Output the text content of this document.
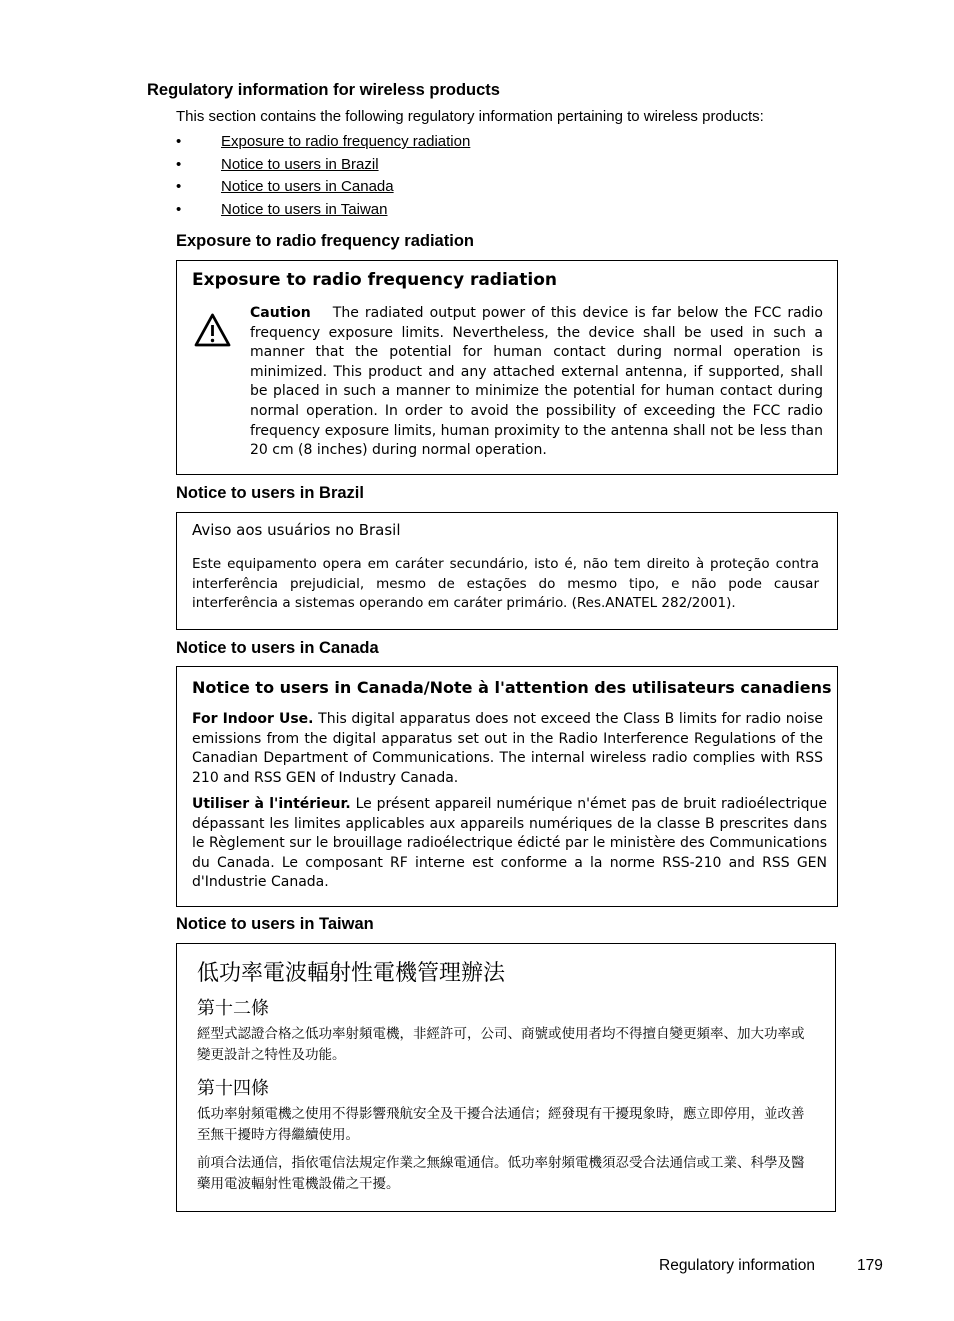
Regulatory information for wireless products
This section contains the following regulatory information pertaining to wireless products:
•	Exposure to radio frequency radiation
•	Notice to users in Brazil
•	Notice to users in Canada
•	Notice to users in Taiwan
Exposure to radio frequency radiation
Exposure to radio frequency radiation
Caution The radiated output power of this device is far below the FCC radio frequency exposure limits. Nevertheless, the device shall be used in such a manner that the potential for human contact during normal operation is minimized. This product and any attached external antenna, if supported, shall be placed in such a manner to minimize the potential for human contact during normal operation. In order to avoid the possibility of exceeding the FCC radio frequency exposure limits, human proximity to the antenna shall not be less than 20 cm (8 inches) during normal operation.
Notice to users in Brazil
Aviso aos usuários no Brasil
Este equipamento opera em caráter secundário, isto é, não tem direito à proteção contra interferência prejudicial, mesmo de estações do mesmo tipo, e não pode causar interferência a sistemas operando em caráter primário. (Res.ANATEL 282/2001).
Notice to users in Canada
Notice to users in Canada/Note à l'attention des utilisateurs canadiens
For Indoor Use. This digital apparatus does not exceed the Class B limits for radio noise emissions from the digital apparatus set out in the Radio Interference Regulations of the Canadian Department of Communications. The internal wireless radio complies with RSS 210 and RSS GEN of Industry Canada.
Utiliser à l'intérieur. Le présent appareil numérique n'émet pas de bruit radioélectrique dépassant les limites applicables aux appareils numériques de la classe B prescrites dans le Règlement sur le brouillage radioélectrique édicté par le ministère des Communications du Canada. Le composant RF interne est conforme a la norme RSS-210 and RSS GEN d'Industrie Canada.
Notice to users in Taiwan
低功率電波輻射性電機管理辦法
第十二條
經型式認證合格之低功率射頻電機，非經許可，公司、商號或使用者均不得擅自變更頻率、加大功率或變更設計之特性及功能。
第十四條
低功率射頻電機之使用不得影響飛航安全及干擾合法通信；經發現有干擾現象時，應立即停用，並改善至無干擾時方得繼續使用。
前項合法通信，指依電信法規定作業之無線電通信。低功率射頻電機須忍受合法通信或工業、科學及醫藥用電波輻射性電機設備之干擾。
Regulatory information	179
